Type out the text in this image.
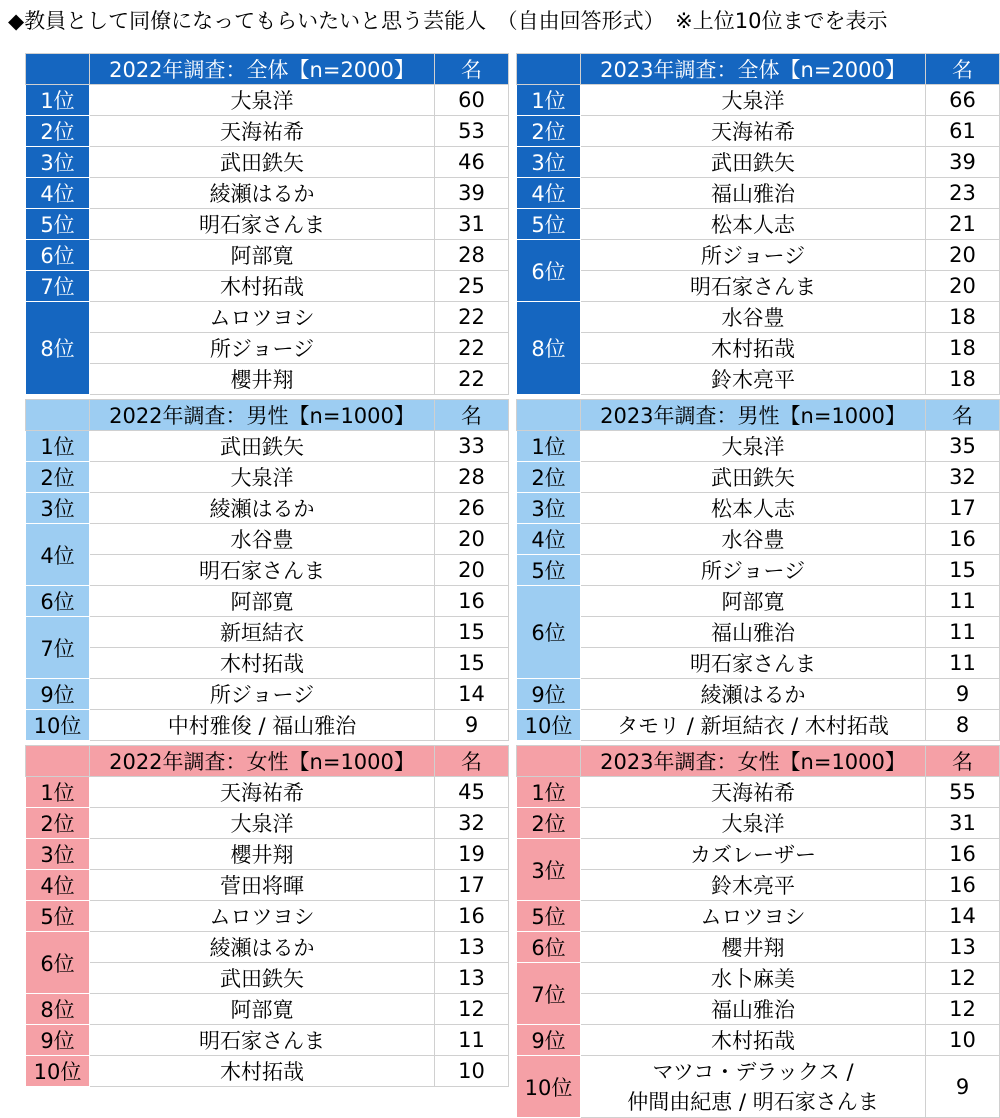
◆教員として同僚になってもらいたいと思う芸能人　（自由回答形式）　※上位10位までを表示
	2022年調査：全体【n=2000】	名
1位	大泉洋	60
2位	天海祐希	53
3位	武田鉄矢	46
4位	綾瀬はるか	39
5位	明石家さんま	31
6位	阿部寛	28
7位	木村拓哉	25
8位	ムロツヨシ	22
	所ジョージ	22
	櫻井翔	22
	2023年調査：全体【n=2000】	名
1位	大泉洋	66
2位	天海祐希	61
3位	武田鉄矢	39
4位	福山雅治	23
5位	松本人志	21
6位	所ジョージ	20
	明石家さんま	20
8位	水谷豊	18
	木村拓哉	18
	鈴木亮平	18
	2022年調査：男性【n=1000】	名
1位	武田鉄矢	33
2位	大泉洋	28
3位	綾瀬はるか	26
4位	水谷豊	20
	明石家さんま	20
6位	阿部寛	16
7位	新垣結衣	15
	木村拓哉	15
9位	所ジョージ	14
10位	中村雅俊 / 福山雅治	9
	2023年調査：男性【n=1000】	名
1位	大泉洋	35
2位	武田鉄矢	32
3位	松本人志	17
4位	水谷豊	16
5位	所ジョージ	15
6位	阿部寛	11
	福山雅治	11
	明石家さんま	11
9位	綾瀬はるか	9
10位	タモリ / 新垣結衣 / 木村拓哉	8
	2022年調査：女性【n=1000】	名
1位	天海祐希	45
2位	大泉洋	32
3位	櫻井翔	19
4位	菅田将暉	17
5位	ムロツヨシ	16
6位	綾瀬はるか	13
	武田鉄矢	13
8位	阿部寛	12
9位	明石家さんま	11
10位	木村拓哉	10
	2023年調査：女性【n=1000】	名
1位	天海祐希	55
2位	大泉洋	31
3位	カズレーザー	16
	鈴木亮平	16
5位	ムロツヨシ	14
6位	櫻井翔	13
7位	水卜麻美	12
	福山雅治	12
9位	木村拓哉	10
10位	マツコ・デラックス /
仲間由紀恵 / 明石家さんま	9
